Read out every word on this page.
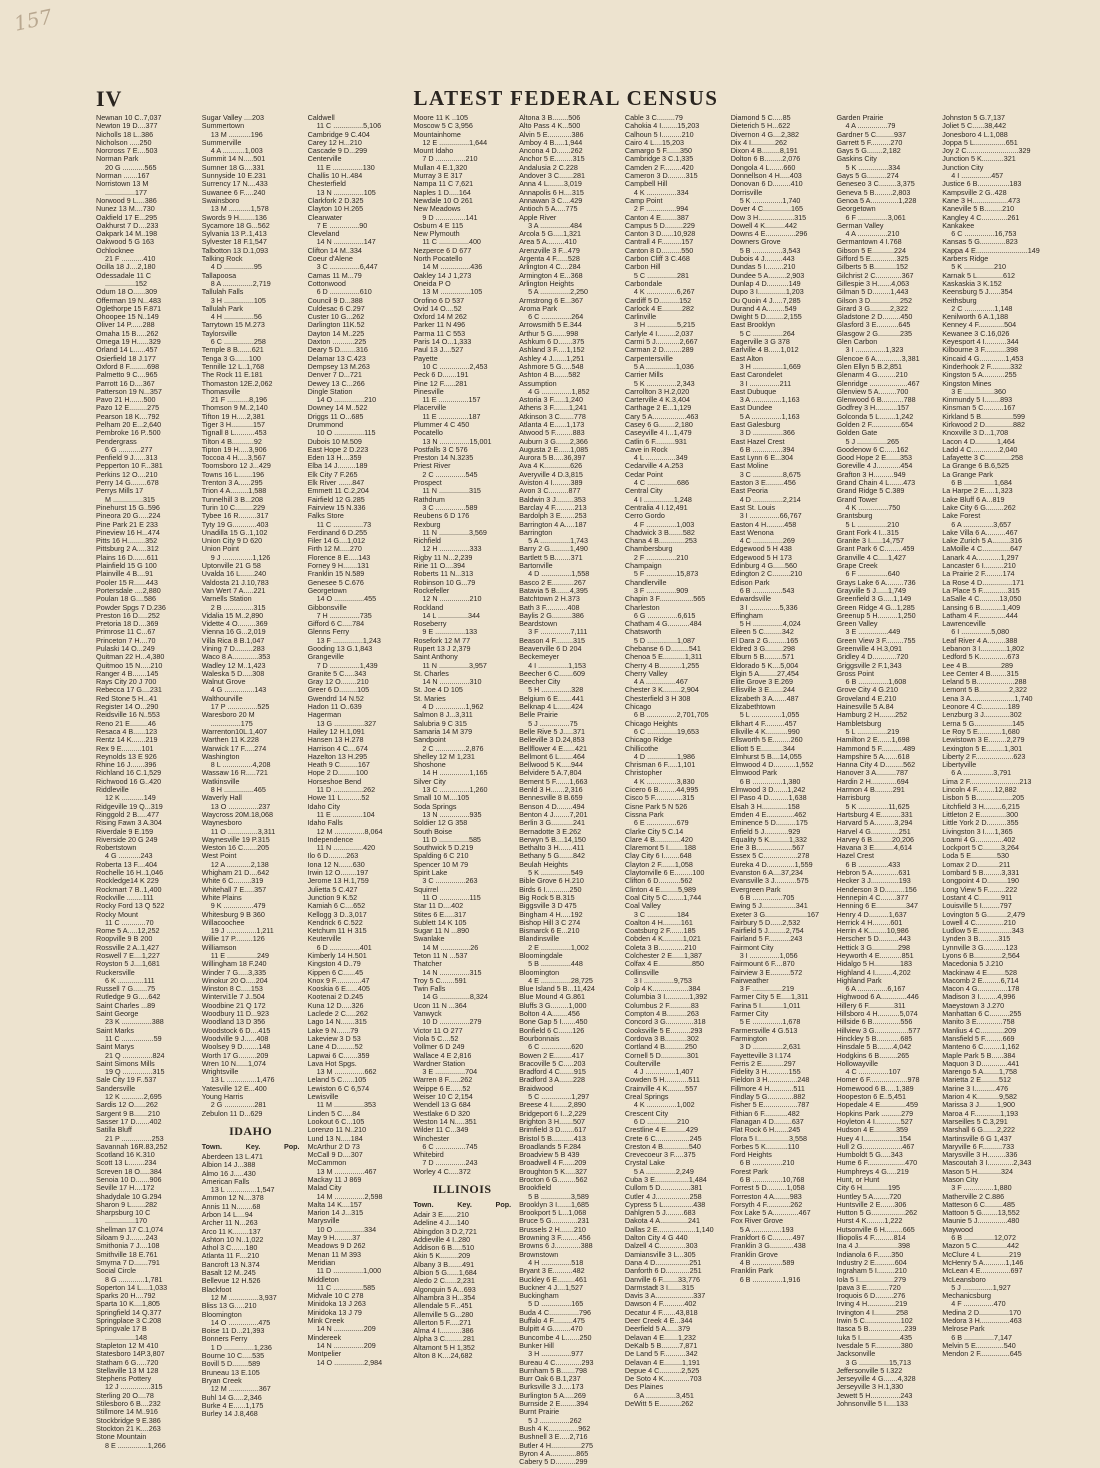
157
IV	LATEST FEDERAL CENSUS
Newnan 10 C..7,037
Newton 19 D....377
Nicholls 18 L..386
Nicholson .....250
Norcross 7 E....503
Norman Park
20 G ...........565
Norman .......167
Norristown 13 M
...............177
Norwood 9 L....386
Nunez 13 M....730
Oakfield 17 E...295
Oakhurst 7 D....233
Oakpark 14 M..198
Oakwood 5 G 163
Ochlocknee
21 F ...........410
Ocilla 18 J....2,180
Odessadale 11 C
...............152
Odum 18 O......309
Offerman 19 N...483
Oglethorpe 15 F.871
Ohoopee 15 N..149
Oliver 14 P......288
Omaha 15 B.....262
Omega 19 H......329
Orland 14 L......457
Osierfield 18 J.177
Oxford 8 F.........698
Palmetto 9 C....965
Parrott 16 D....367
Patterson 19 N...357
Pavo 21 H.......500
Pazo 12 E.........275
Pearson 18 K....792
Pelham 20 E...2,640
Pembroke 16 P..500
Pendergrass
6 G ...........277
Penfield 9 J......313
Pepperton 10 F...381
Perkins 12 O....210
Perry 14 G........678
Perrys Mills 17
M ...............315
Pinehurst 15 G..596
Pineora 20 G.....224
Pine Park 21 E 233
Pineview 16 H...474
Pitts 16 H.........352
Pittsburg 2 A.....312
Plains 16 D.......611
Plainfield 15 G 100
Plainville 4 B....91
Pooler 15 R......443
Portersdale ....2,880
Poulan 18 G....586
Powder Spgs 7 D.236
Preston 16 D.....252
Pretoria 18 D....369
Primrose 11 C...67
Princeton 7 H....70
Pulaski 14 O...249
Quitman 22 H...4,380
Quitmoo 15 N.....210
Ranger 4 B.......145
Rays City 20 J 700
Rebecca 17 G....231
Red Stone 5 H...41
Register 14 O...290
Reidsville 16 N..553
Reno 21 E.........46
Resaca 4 B......123
Rentz 14 K.......219
Rex 9 E..........101
Reynolds 13 E 926
Rhine 16 J.......396
Richland 16 C.1,529
Richwood 16 G..420
Riddleville
12 K ...........149
Ridgeville 19 Q...319
Ringgold 2 B.....477
Rising Fawn 3 A.304
Riverdale 9 E.159
Riverside 20 G 249
Robertstown
4 G ...........243
Roberta 13 F....404
Rochelle 16 H..1,046
Rockledge14 K 229
Rockmart 7 B..1,400
Rockville ........111
Rocky Ford 13 Q 522
Rocky Mount
11 C ............70
Rome 5 A.....12,252
Roopville 9 B 200
Rossville 2 A..1,427
Roswell 7 E....1,227
Royston 5 J....1,681
Ruckersville
6 K .............111
Russell 7 G.......75
Rutledge 9 G.....642
Saint Charles ...89
Saint George
23 K ...............388
Saint Marks
11 C ................59
Saint Marys
21 Q ...............824
Saint Simons Mills
19 Q ...............315
Sale City 19 F..537
Sandersville
12 K ...........2,695
Sardis 12 O......262
Sargent 9 B.......210
Sasser 17 D.......402
Satilla Bluff
21 P ...............253
Savannah 16R.83,252
Scotland 16 K.310
Scott 13 L........234
Screven 18 O.....384
Senoia 10 D.......906
Seville 17 H....172
Shadydale 10 G.294
Sharon 9 L.......282
Sharpsburg 10 C
...............170
Shellman 17 C.1,074
Siloam 9 J........243
Smithonia 7 J....108
Smithville 18 E.761
Smyrna 7 D.......791
Social Circle
8 G .............1,781
Soperton 14 L....1,033
Sparks 20 H....792
Sparta 10 K....1,805
Springfield 14 Q.377
Springplace 3 C.208
Springvale 17 B
...............148
Stapleton 12 M 410
Statesboro 14P.3,807
Statham 6 G.....720
Stellaville 13 M 128
Stephens Pottery
12 J ...............315
Sterling 20 O....78
Stilesboro 6 B....232
Stillmore 14 M..916
Stockbridge 9 E.386
Stockton 21 K....263
Stone Mountain
8 E ...............1,266
Sugar Valley ....203
Summertown
13 M ...........196
Summerville
4 A ...........1,003
Summit 14 N.....501
Sumner 18 G....331
Sunnyside 10 E.231
Surrency 17 N....433
Suwanee 6 F.....240
Swainsboro
13 M ...........1,578
Swords 9 H........136
Sycamore 18 G...562
Sylvania 13 P..1,413
Sylvester 18 F.1,547
Talbotton 13 D.1,093
Talking Rock
4 D ...............95
Tallapoosa
8 A ...............2,719
Tallulah Falls
3 H ...............105
Tallulah Park
4 H ...............56
Tarrytown 15 M.273
Taylorsville
6 C ...............258
Temple 8 B.......621
Tenga 3 G.......100
Tennille 12 L..1,768
The Rock 11 E.181
Thomaston 12E.2,062
Thomasville
21 F ...........8,196
Thomson 9 M..2,140
Tifton 19 H.....2,381
Tiger 3 H...........157
Tignall 8 L..........453
Tilton 4 B...........92
Tipton 19 H.....3,906
Toccoa 4 H.....3,567
Toomsboro 12 J...429
Towns 16 L.......196
Trenton 3 A......295
Trion 4 A.........1,588
Tunnelhill 3 B...208
Turin 10 C.........229
Tybee 16 R.........317
Tyty 19 G............403
Unadilla 15 G..1,102
Union City 9 D 620
Union Point
9 J ...............1,126
Uptonville 21 G 58
Uvalda 16 L.......240
Valdosta 21 J.10,783
Van Wert 7 A.....221
Varnells Station
2 B ...............315
Vidalia 15 M..2,890
Vidette 4 O.........369
Vienna 16 G...2,019
Villa Rica 8 B.1,047
Vining 7 D.........283
Waco 8 A.............353
Wadley 12 M..1,423
Waleska 5 D.....308
Walnut Grove
4 G ...............143
Walthourville
17 P ...............525
Waresboro 20 M
...............175
Warrenton10L.1,407
Warthen 11 K.228
Warwick 17 F.....274
Washington
8 L ...............4,208
Wassaw 16 R.....721
Watkinsville
8 H ...............465
Waverly Hall
13 O ...............237
Waycross 20M.18,068
Waynesboro
11 O ...............3,311
Waynesville 19 P.315
Weston 16 C.......205
West Point
12 A ............2,138
Whigham 21 D....642
White 6 C.........319
Whitehall 7 E.....357
White Plains
9 K ...............479
Whitesburg 9 B 360
Willacoochee
19 J ...............1,211
Willie 17 P.........126
Williamson
11 E ...............249
Willingham 18 F.240
Winder 7 G.....3,335
Winokur 20 O.....204
Winston 8 C.....153
Wintervi1le 7 J..504
Woodbine 21 Q 172
Woodbury 11 D...923
Woodland 13 D 356
Woodstock 6 D....415
Woodville 9 J......408
Woolsey 9 D........148
Worth 17 G.........209
Wren 10 N......1,074
Wrightsville
13 L ...............1,476
Yatesville 12 E...400
Young Harris
2 G ...............281
Zebulon 11 D...629
IDAHO
Town.	Key.	Pop.
Aberdeen 13 L.471
Albion 14 J...388
Almo 16 J.....430
American Falls
13 L ...............1,547
Ammon 12 N....378
Annis 11 N........68
Arbon 14 L....94
Archer 11 N...263
Arco 11 K........137
Ashton 10 N..1,022
Athol 3 C.......180
Atlanta 11 F....210
Bancroft 13 N.374
Basalt 12 M..245
Bellevue 12 H.526
Blackfoot
12 M ...............3,937
Bliss 13 G.....210
Bloomington
14 O ...............475
Boise 11 D...21,393
Bonners Ferry
1 D ...............1,236
Bourne 10 C.....535
Bovill 5 D........589
Bruneau 13 E.105
Bryan Creek
12 M ...............367
Buhl 14 G.....2,346
Burke 4 E......1,175
Burley 14 J.8,468
Caldwell
11 C ...............5,106
Cambridge 9 C.404
Carey 12 H...210
Cascade 9 D...299
Centerville
11 E ...............130
Challis 10 H..484
Chesterfield
13 N ...............105
Clarkfork 2 D.325
Clayton 10 H.265
Clearwater
7 E ...............90
Cleveland
14 N ...............147
Clifton 14 M..334
Coeur d'Alene
3 C ...............6,447
Camas 11 M...79
Cottonwood
6 D ...............610
Council 9 D...388
Culdesac 6 C.297
Custer 10 G...262
Darlington 11K.52
Dayton 14 M..225
Daxton ...........225
Deary 5 D........316
Delamar 13 C.423
Dempsey 13 M.263
Denver 7 D...721
Dewey 13 C...266
Dingle Station
14 O ...............210
Downey 14 M..522
Driggs 11 O...685
Drummond
10 O ...............115
Dubois 10 M.509
East Hope 2 D.223
Eden 13 H....359
Elba 14 J.........189
Elk City 7 F.265
Elk River .......847
Emmett 11 C.2,204
Fairfield 12 G.285
Fairview 15 N.336
Falks Store
11 C ...............73
Ferdinand 6 D.255
Filer 14 G....1,012
Firth 12 M.....270
Florence 8 E.....143
Forney 9 H.......131
Franklin 15 N.589
Genesee 5 C.676
Georgetown
14 O ...............455
Gibbonsville
7 H ...............735
Gifford 6 C.....784
Glenns Ferry
13 F ...............1,243
Gooding 13 G.1,843
Grangeville
7 D ...............1,439
Granite 5 C.....343
Gray 12 O........210
Greer 6 D.........105
Gwendrd 14 N.52
Hadon 11 O..639
Hagerman
13 G ...............327
Hailey 12 H.1,091
Hansen 13 H.278
Harrison 4 C....674
Hazelton 13 H.295
Heath 9 C.........167
Hope 2 D.........100
Horseshoe Bend
11 D ...............262
Howe 11 L..........52
Idaho City
11 E ...............104
Idaho Falls
12 M ...............8,064
Independence
11 N ...............420
Ilo 6 D.........263
Iona 12 N.......630
Irwin 12 O........197
Jerome 13 H.1,759
Julietta 5 C.427
Junction 9 K.52
Kamiah 6 C....652
Kellogg 3 D..3,017
Kendrick 6 C.522
Ketchum 11 H 315
Keuterville
6 D ...............401
Kimberly 14 H.501
Kingston 4 D..79
Kippen 6 C......45
Knox 9 F.............47
Kooskia 6 E......405
Kootenai 2 D.245
Kuna 12 D.....326
Laclede 2 C.....262
Lago 14 N.......315
Lake 9 N.......79
Lakeview 3 D 53
Lane 4 D.........52
Lapwai 6 C.......359
Lava Hot Spgs.
13 M ...............662
Leland 5 C......105
Lewiston 6 C 6,574
Lewisville
11 M ...............353
Linden 5 C.....84
Lookout 6 C...105
Lorenzo 11 N..210
Lund 13 N.....184
McArthur 2 D 73
McCall 9 D....307
McCammon
13 M ...............467
Mackay 11 J 869
Malad City
14 M ...............2,598
Malta 14 K....157
Marion 14 J...315
Marysville
10 O ...............334
May 9 H.........37
Meadows 9 D 262
Menan 11 M 393
Meridian
11 D ...............1,000
Middleton
11 C ...............585
Midvale 10 C 278
Minidoka 13 J 263
Minidoka 13 J 79
Mink Creek
14 N ...............209
Mindereek
14 N ...............209
Montpelier
14 O ...............2,984
Moore 11 K ..105
Moscow 5 C 3,956
Mountainhome
12 E ...............1,644
Mount Idaho
7 D ...............210
Mullan 4 E.1,320
Murray 3 E 317
Nampa 11 C 7,621
Naples 1 D.....164
Newdale 10 O 261
New Meadows
9 D ...............141
Osburn 4 E 115
New Plymouth
11 C ...............400
Nezperce 6 D 677
North Pocatello
14 M ...............436
Oakley 14 J 1,273
Oneida P O
13 M ...............105
Orofino 6 D 537
Ovid 14 O....52
Oxford 14 M 262
Parker 11 N 496
Parma 11 C 553
Paris 14 O...1,333
Paul 13 J....527
Payette
10 C ...............2,453
Peck 6 D.......191
Pine 12 F......281
Pinesville
11 E ...............157
Placerville
11 E ...............187
Plummer 4 C 450
Pocatello
13 N ...............15,001
Postfalls 3 C 576
Preston 14 N.3235
Priest River
2 C ...............545
Prospect
11 N ...............315
Rathdrum
3 C ...............589
Reubens 6 D 176
Rexburg
11 N ...............3,569
Richfield
12 H ...............333
Rigby 11 N...2,239
Ririe 11 O....394
Roberts 11 N...313
Robinson 10 G...79
Rockefeller
12 N ...............210
Rockland
14 L ...............344
Roseberry
9 E ...............133
Rosefork 12 M 77
Rupert 13 J 2,379
Saint Anthony
11 N ...............3,957
St. Charles
14 N ...............310
St. Joe 4 D 105
St. Maries
4 D ...............1,962
Salmon 8 J...3,311
Salubria 9 C 315
Samaria 14 M 379
Sandpoint
2 C ...............2,876
Shelley 12 M 1,231
Shoshone
14 H ...............1,165
Silver City
13 C ...............1,260
Small 10 M....105
Soda Springs
13 N ...............935
Soldier 12 G 358
South Boise
11 D ...............585
Southwick 5 D.219
Spalding 6 C 210
Spencer 10 M 79
Spirit Lake
3 C ...............263
Squirrel
11 O ...............115
Star 11 D....402
Stites 6 E.....317
Sublett 14 K 105
Sugar 11 N ...890
Swanlake
14 M ...............26
Teton 11 N ...537
Thatcher
14 N ...............315
Troy 5 C.......591
Twin Falls
14 G ...............8,324
Ucon 11 N ...364
Vanwyck
10 D ...............279
Victor 11 O 277
Viola 5 C....52
Vollmer 6 D 249
Wallace 4 E 2,816
Wardner Station
3 E ...............704
Warren 8 F......262
Weippe 6 E......52
Weiser 10 C 2,154
Wendell 13 G 684
Westlake 6 D 320
Weston 14 N.....351
Wilder 11 C...349
Winchester
6 C ...............745
Whitebird
7 D ...............243
Worley 4 C.....372
ILLINOIS
Town.	Key.	Pop.
Adair 3 E.......210
Adeline 4 J....140
Abingdon 3 D.2,721
Addieville 4 I..280
Addison 6 B.....510
Akin 5 K.........209
Albany 3 B.......491
Albion 5 G......1,684
Aledo 2 C......2,231
Algonquin 5 A...693
Alhambra 3 H...354
Allendale 5 F...451
Allenville 5 G...280
Allerton 5 F.....271
Alma 4 I...........386
Alpha 3 C.........281
Altamont 5 H 1,352
Alton 8 K....24,682
Altona 3 B........506
Alto Pass 4 K...500
Alvin 5 E............386
Amboy 4 B.....1,944
Ancona 4 D.......262
Anchor 5 E.........315
Andalusia 2 C.228
Andover 3 C.......281
Anna 4 L........3,019
Annapolis 6 H....315
Annawan 3 C....429
Antioch 5 A.....775
Apple River
3 A ...............484
Arcola 5 G.....1,321
Area 5 A.........410
Arenzville 3 F...479
Argenta 4 F......528
Arlington 4 C....284
Armington 4 E...368
Arlington Heights
5 A ...............2,250
Armstrong 6 E...367
Aroma Park
6 C ...............264
Arrowsmith 5 E.344
Arthur 5 G.......998
Ashkum 6 D.......375
Ashland 3 F.....1,152
Ashley 4 J.......1,251
Ashmore 5 G.....548
Ashton 4 B.......582
Assumption
4 G ...............1,852
Astoria 3 F......1,240
Athens 3 F........1,241
Atkinson 3 C.......778
Atlanta 4 E......1,173
Atwood 5 F.........883
Auburn 3 G.......2,366
Augusta 2 E......1,085
Aurora 5 B.....36,397
Ava 4 K.............626
Averyville 4 D.3,815
Aviston 4 I.........389
Avon 3 C..........877
Baldwin 3 J.........353
Barclay 4 F..........213
Bardolph 3 E.......253
Barrington 4 A.....187
Barrington
5 A ...............1,743
Barry 2 G..........1,490
Bartlett 5 B........371
Bartonville
4 D ...............1,558
Basco 2 E...........267
Batavia 5 B.......4,395
Batchtown 2 H.373
Bath 3 F...........408
Baylis 2 G..........386
Beardstown
3 F ...............7,111
Beason 4 F.........315
Beaverville 6 D 204
Beckemeyer
4 I ...............1,153
Beecher 6 C.......609
Beecher City
5 H ...............328
Belgium 6 E.......441
Belknap 4 L.......424
Belle Prairie
5 J ...............75
Belle Rive 5 J.....371
Belleville 3 D.24,853
Bellflower 4 E......421
Bellmont 6 L.......464
Bellwood 5 K.....944
Belvidere 5 A.7,804
Bement 5 F.......1,663
Benld 3 H.......2,316
Bennesville 8 B.659
Benson 4 D........494
Benton 4 J........7,201
Berlin 3 G...........241
Bernadotte 3 E.262
Berwyn 5 B....14,150
Bethalto 3 H.......411
Bethany 5 G.......842
Beulah Heights
5 K ...............549
Bible Grove 6 H.210
Birds 6 I............250
Big Rock 5 B.315
Biggsville 3 D 475
Bingham 4 H.....192
Bishop Hill 3 C 274
Bismarck 6 E...210
Blandinsville
2 E ...............1,002
Bloomingdale
5 B ...............448
Bloomington
4 E ...............28,725
Blue Island 5 B...11,424
Blue Mound 4 G.861
Bluffs 3 G.........1,000
Bolton 4 A........456
Bone Gap 5 I.......450
Bonfield 6 C.......126
Bourbonnais
6 C ...............620
Bowen 2 E.........417
Bracoville 5 C.....203
Bradford 4 C.......915
Bradford 3 A.......228
Braidwood
5 C ...............1,297
Breese 4 I........2,890
Bridgeport 6 I...2,229
Brighton 3 H.......507
Brimfield 3 D.......617
Bristol 5 B...........413
Broadlands 5 F.284
Broadview 5 B 439
Broadwell 4 F......209
Broughton 5 K.....327
Brocton 6 G.........562
Brookfield
5 B ...............3,589
Brooklyn 3 I.......1,685
Brookport 5 L...1,068
Bruce 5 G.............231
Brussels 2 H.......210
Browning 3 F.........456
Browns 6 J.............388
Brownstown
4 H ...............518
Bryant 3 E..........482
Buckley 6 E.........461
Buckner 4 J....1,527
Buckingham
5 D ...............165
Buda 4 C...............796
Buffalo 4 F..........475
Bulpitt 4 G.........470
Buncombe 4 L.......250
Bunker Hill
3 H ...............977
Bureau 4 C.............293
Burnham 5 B.......798
Burr Oak 6 B.1,237
Burksville 3 J.....173
Burlington 5 A.....269
Burnside 2 E........394
Burnt Prairie
5 J ...............262
Bush 4 K...............962
Bushnell 3 E.....2,716
Butler 4 H...............275
Byron 4 A.............865
Cabery 5 D..........299
Cable 3 C.........79
Cahokia 4 I........15,203
Calhoun 5 I..........210
Cairo 4 L....15,203
Camargo 5 F.......350
Cambridge 3 C.1,335
Camden 2 F.........420
Cameron 3 D.........315
Campbell Hill
4 K ...............334
Camp Point
2 F ...............994
Canton 4 E........387
Campus 5 D.........229
Canton 3 D......10,928
Cantrall 4 F..........157
Canton 8 D..........550
Carbon Cliff 3 C.468
Carbon Hill
5 C ...............281
Carbondale
4 K ...............6,267
Cardiff 5 D..........152
Carlock 4 E..........282
Carlinville
3 H ...............5,215
Carlyle 4 I.........2,037
Carmi 5 J............2,667
Carman 2 D.........289
Carpentersville
5 A ...............1,036
Carrier Mills
5 K ...............2,343
Carrollton 3 H.2,020
Carterville 4 K.3,404
Carthage 2 E...1,129
Cary 5 A.................463
Casey 6 G........2,180
Caseyville 4 I...1,479
Catlin 6 F..........931
Cave in Rock
4 L ...............349
Cedarville 4 A.253
Cedar Point
4 C ...............686
Central City
4 I ...............1,248
Centralia 4 I.12,491
Cerro Gordo
4 F ...............1,003
Chadwick 3 B.......582
Chana 4 B.............253
Chambersburg
2 F ...............210
Champaign
5 F ...............15,873
Chandlerville
3 F ...............909
Chapin 3 F.................565
Charleston
6 G ...............6,615
Chatham 4 G...........484
Chatsworth
5 D ...............1,087
Chebanse 6 D.........541
Chenoa 5 E...........1,311
Cherry 4 B...........1,255
Cherry Valley
4 A ...............467
Chester 3 K.........2,904
Chesterfield 3 H 308
Chicago
6 B ...............2,701,705
Chicago Heights
6 C ...............19,653
Chicago Ridge
Chillicothe
4 D ...............1,986
Chrisman 6 F.....1,101
Christopher
4 K ...............3,830
Cicero 6 B.........44,995
Cisco 5 F..............315
Cisne Park 5 N 526
Cissna Park
6 E ...............679
Clarke City 5 C.14
Clare 4 B.............420
Claremont 5 I........188
Clay City 6 I........648
Clayton 2 F.......1,058
Claytonville 6 E.........100
Clifton 6 D...........562
Clinton 4 E.........5,989
Coal City 5 C........1,744
Coal Valley
3 C ...............184
Coalton 4 H.........161
Coatsburg 2 F.......185
Cobden 4 K..........1,021
Coleta 3 B.............210
Colchester 2 E......1,387
Colfax 4 E.................850
Collinsville
3 I ...............9,753
Colp 4 K..................384
Columbia 3 I............1,392
Columbus 2 F...........83
Compton 4 B..........263
Concord 3 G..............318
Cooksville 5 E..........293
Cordova 3 B...........302
Cortland 4 B..........250
Cornell 5 D.............301
Coulterville
4 J ...............1,407
Cowden 5 H............511
Crainville 4 K.........557
Creal Springs
4 K ...............1,002
Crescent City
6 D ...............210
Crestline 4 E..........429
Crete 6 C.................245
Creston 4 B.............540
Crevecoeur 3 F.....375
Crystal Lake
5 A ...............2,249
Cuba 3 E.................1,484
Cullom 5 D...............381
Cutler 4 J.................258
Cypress 5 L...............438
Dahlgren 5 J.........683
Dakota 4 A..............241
Dallas 2 E...................1,140
Dalton City 4 G 440
Dalzell 4 C.............303
Damiansville 3 L...305
Dana 4 D.................251
Danforth 6 D............251
Danville 6 F........33,776
Darmstadt 3 I.......315
Davis 3 A...................337
Dawson 4 F...........402
Decatur 4 F.......43,818
Deer Creek 4 E...344
Deerfield 5 A......379
Delavan 4 E.......1,232
DeKalb 5 B.........7,871
De Land 5 F...........342
Delavan 4 E.........1,191
Depue 4 C...........2,525
De Soto 4 K.............703
Des Plaines
6 A ...............3,451
DeWitt 5 E...........262
Diamond 5 C.....85
Dieterich 5 H...622
Divernon 4 G....2,382
Dix 4 I............262
Dixon 4 B.........8,191
Dolton 6 B.........2,076
Dongola 4 L.......660
Donnellson 4 H.....403
Donovan 6 D.........410
Dorrisville
5 K ...............1,740
Dover 4 C..............165
Dow 3 H..................315
Dowell 4 K..........442
Downs 4 E...............296
Downers Grove
5 B ...............3,543
Dubois 4 J.........443
Dundas 5 I.........210
Dundee 5 A.........2,903
Dunlap 4 D...........149
Dupo 3 I..............1,203
Du Quoin 4 J.....7,285
Durand 4 A.........549
Dwight 5 D.........2,155
East Brooklyn
5 C ...............264
Eagerville 3 G 378
Earlville 4 B......1,012
East Alton
3 H ...............1,669
East Carondelet
3 I ...............211
East Dubuque
3 A ...............1,163
East Dundee
5 A ...............1,163
East Galesburg
3 D ...............366
East Hazel Crest
6 B ...............394
East Lynn 6 E...304
East Moline
3 C ...............8,675
Easton 3 E.........456
East Peoria
4 D ...............2,214
East St. Louis
3 I ...............66,767
Easton 4 H.........458
East Wenona
4 C ...............269
Edgewood 5 H 438
Edgewood 5 H 173
Edinburg 4 G......560
Edington 2 C.........210
Edison Park
6 B ...............543
Edwardsville
3 I ...............5,336
Effingham
5 H ...............4,024
Eileen 5 C.........342
El Dara 2 G.........165
Eldred 3 G.........298
Elburn 5 B.........571
Eldorado 5 K....5,004
Elgin 5 A.........27,454
Elite Grove 3 E.269
Ellisville 3 E.......244
Elizabeth 3 A.......487
Elizabethtown
5 L ...............1,055
Elkhart 4 F..........457
Elkville 4 K...........990
Ellsworth 5 E.........260
Elliott 5 E...........344
Elmhurst 5 B....14,055
Elmwood 4 D...........1,552
Elmwood Park
6 B ...............1,380
Elmwood 3 D.......1,242
El Paso 4 D..........1,638
Elsah 3 H.............158
Emden 4 E..............462
Eminence 5 D..........175
Enfield 5 J............929
Equality 5 K..........1,332
Erie 3 B..................567
Essex 5 C.................278
Eureka 4 D..............1,559
Evanston 6 A....37,234
Evansville 3 J...........575
Evergreen Park
6 B ...............705
Ewing 5 J.................341
Exeter 3 G.....................167
Fairbury 5 D......2,532
Fairfield 5 J.........2,754
Fairland 5 F...........243
Fairmont City
3 I ...............1,056
Fairmount 6 F....870
Fairview 3 E..........572
Fairweather
3 F ...............219
Farmer City 5 E.....1,311
Farina 5 I...........1,011
Farmer City
5 E ...............1,678
Farmersville 4 G.513
Farmington
3 D ...............2,631
Fayetteville 3 I.174
Ferris 2 E...........297
Fidelity 3 H...........155
Fieldon 3 H...............248
Fillmore 4 H............511
Findlay 5 G.............882
Fisher 5 E.................787
Fithian 6 F............482
Flanagan 4 D.........637
Flat Rock 6 H.......245
Flora 5 I................3,558
Forbes 5 K...........110
Ford Heights
6 B ...............210
Forest Park
6 B ...............10,768
Forrest 5 D..........1,058
Forreston 4 A........983
Forsyth 4 F............262
Fox Lake 5 A.............467
Fox River Grove
5 A ...............193
Frankfort 6 C..........497
Franklin 3 G............438
Franklin Grove
4 B ...............589
Franklin Park
6 B ...............1,916
Garden Prairie
4 A ...............79
Gardner 5 C.........937
Garrett 5 F..........270
Gays 5 G........2,182
Gaskins City
5 K ...............334
Gays 5 G..........274
Geneseo 3 C.........3,375
Geneva 5 B.........2,803
Genoa 5 A..............1,228
Georgetown
6 F ...............3,061
German Valley
4 A ...............210
Germantown 4 I.768
Gibson 5 E...........224
Gifford 5 E.............325
Gilberts 5 B...........152
Gilchrist 2 C.............367
Gillespie 3 H.......4,063
Gilman 5 D.........1,443
Gilson 3 D...............252
Girard 3 G..........2,322
Gladstone 2 D.........450
Glasford 3 E...........645
Glasgow 2 G...........235
Glen Carbon
3 I ...............1,323
Glencoe 6 A.............3,381
Glen Ellyn 5 B.2,851
Glenarm 4 G.........210
Glenridge ...................467
Glenview 5 A.........700
Glenwood 6 B...........788
Godfrey 3 H...........157
Golconda 5 L........1,242
Golden 2 F...............654
Golden Gate
5 J ...............265
Goodenow 6 C......162
Good Hope 2 E.......353
Goreville 4 J............454
Grafton 3 H..........949
Grand Chain 4 L.......473
Grand Ridge 5 C.389
Grand Tower
4 K ...............750
Grantsburg
5 L ...............210
Grant Fork 4 I...315
Granite 3 I......14,757
Grant Park 6 C.........459
Granville 4 C.....1,427
Grape Creek
6 F ...............640
Grays Lake 6 A.........736
Grayville 5 J......1,749
Greenfield 3 G.....1,149
Green Ridge 4 G...1,285
Greenup 5 H..........1,250
Green Valley
3 E ...............449
Green View 3 F.........755
Greenville 4 H.3,091
Gridley 4 D............720
Griggsville 2 F.1,343
Gross Point
6 B ...............1,608
Grove City 4 G.210
Groveland 4 E.210
Hainesville 5 A.84
Hamburg 2 H........252
Hambletsburg
5 L ...............219
Hamilton 2 E.......1,698
Hammond 5 F...........489
Hampshire 5 A.......618
Hanna City 4 D.........562
Hanover 3 A..........787
Hardin 2 H.............694
Harmon 4 B.........291
Harrisburg
5 K ...............11,625
Hartsburg 4 E..........331
Harvard 5 A..........3,294
Harvel 4 G..............251
Harvey 6 B..........20,206
Havana 3 E..........4,614
Hazel Crest
6 B ...............433
Hebron 5 A.............631
Hecker 3 J..............193
Henderson 3 D..........156
Hennepin 4 C........377
Henning 6 E...............347
Henry 4 D..........1,637
Herrick 4 H.........601
Herrin 4 K.........10,986
Herscher 5 D..........443
Hettick 3 G.............298
Heyworth 4 E...........851
Hidalgo 5 H.............183
Highland 4 I.........4,202
Highland Park
6 A ...............6,167
Highwood 6 A.............446
Hillery 6 F.............311
Hillsboro 4 H...........5,074
Hillside 6 B..............556
Hillview 3 G.................577
Hinckley 5 B............685
Hinsdale 5 B........4,042
Hodgkins 6 B.........265
Hollowayville
4 C ...............107
Homer 6 F...................978
Homewood 6 B.....1,389
Hoopeston 6 E..5,451
Hopedale 4 E.............459
Hopkins Park ..........279
Hoyleton 4 I.............527
Hudson 4 E...........359
Huey 4 I..................154
Hull 2 G....................467
Humboldt 5 G.....343
Hume 6 F...................470
Humphreys 4 G.....219
Hunt, or Hunt
City 6 H.............195
Huntley 5 A........720
Huntsville 2 E.......306
Hutton 5 G.................262
Hurst 4 K.........1,222
Hutsonville 6 H.........665
Illiopolis 4 F..........814
Ina 4 J....................398
Indianola 6 F.......350
Industry 2 E..........604
Ingraham 5 I.........210
Iola 5 I..................279
Ipava 3 E...........720
Iroquois 6 D.........276
Irving 4 H..............219
Irvington 4 I...........258
Irwin 5 C..................102
Itasca 5 B..................239
Iuka 5 I....................435
Ivesdale 5 F.............380
Jacksonville
3 G ...............15,713
Jeffersonville 5 I.322
Jerseyville 4 G.......4,328
Jerseyville 3 H.1,330
Jewett 5 H...............243
Johnsonville 5 I.....133
Johnston 5 G.7,137
Joliet 5 C......38,442
Jonesboro 4 L.1,088
Joppa 5 L................651
Joy 2 C..........................329
Junction 5 K...........321
Junction City
4 I ...............457
Justice 6 B................183
Kampsville 2 G..428
Kane 3 H..................473
Kaneville 5 B.........210
Kangley 4 C.............261
Kankakee
6 C ...............16,753
Kansas 5 G.............823
Kappa 4 E..........................149
Karbers Ridge
5 K ...............210
Karnak 5 L.............612
Kaskaskia 3 K.152
Keensburg 5 J......354
Keithsburg
2 C ...............1,148
Kenilworth 6 A.1,188
Kenney 4 F.............504
Kewanee 3 C.16,026
Keyesport 4 I...........344
Kilbourne 3 F...........398
Kincaid 4 G.............1,453
Kinderhook 2 F..........332
Kingston 5 A...........255
Kingston Mines
3 E ...............360
Kinmundy 5 I........893
Kinsman 5 C..........167
Kirkland 5 B................599
Kirkwood 2 D..............882
Knoxville 3 D...1,708
Lacon 4 D...........1,464
Ladd 4 C..............2,040
Lafayette 3 C.............258
La Grange 6 B.6,525
La Grange Park
6 B ...............1,684
La Harpe 2 E.....1,323
Lake Bluff 6 A...819
Lake City 6 G.........262
Lake Forest
6 A ...............3,657
Lake Villa 6 A..........467
Lake Zurich 5 A.........316
LaMoille 4 C..............647
Lanark 4 A............1,297
Lancaster 6 I..........210
La Prairie 2 F.........174
La Rose 4 D...............171
La Place 5 F.............315
LaSalle 4 C..........13,050
Lansing 6 B...........1,409
Latham 4 F..............444
Lawrenceville
6 I ...............5,080
Leaf River 4 A.........388
Lebanon 3 I.............1,802
Ledford 5 K..............673
Lee 4 B.................289
Lee Center 4 B........315
Leland 5 B...................288
Lemont 5 B...............2,322
Lena 3 A......................1,740
Leonore 4 C.............189
Lenzburg 3 J.............302
Lerna 5 G...................145
Le Roy 5 E............1,680
Lewistown 3 E.........2,279
Lexington 5 E.........1,301
Liberty 2 F...................623
Libertyville
6 A ...............3,791
Lima 2 F.........................213
Lincoln 4 F.........12,882
Lisbon 5 B..................205
Litchfield 3 H.........6,215
Littleton 2 E.............300
Little York 2 D..........355
Livingston 3 I.....1,365
Loami 4 G..............402
Lockport 5 C.........3,264
Loda 5 E.............530
Lomax 2 D...........211
Lombard 5 B.........3,331
Longpoint 4 D..........190
Long View 5 F.........222
Lostant 4 C...........911
Louisville 5 I.........797
Lovington 5 G..........2,479
Lowell 4 C..............210
Ludlow 5 E.................343
Lynden 3 B..........315
Lynnville 3 G...........123
Lyons 6 B..............2,564
Macedonia 5 J.210
Mackinaw 4 E.........528
Macomb 2 E.........6,714
Macon 4 G...............178
Madison 3 I.........4,996
Maeystown 3 J.270
Manhattan 6 C..........255
Manito 3 E.............758
Manlius 4 C............209
Mansfield 5 F.........669
Manteno 6 C.........1,162
Maple Park 5 B......384
Maquon 3 D.............441
Marengo 5 A........1,758
Marietta 2 E.........512
Marine 3 I...........476
Marion 4 K...........9,582
Marissa 3 J.........1,900
Maroa 4 F.............1,193
Marseilles 5 C.3,291
Marshall 6 G.......2,222
Martinsville 6 G 1,437
Maryville 6 F..........733
Marysville 3 H.........336
Mascoutah 3 I.............2,343
Mason 5 H............324
Mason City
3 F ...............1,880
Matherville 2 C.886
Matteson 6 C.........485
Mattoon 5 G........13,552
Maunie 5 J...............480
Maywood
6 B ...............12,072
Mazon 5 C...............442
McClure 4 L..............219
McHenry 5 A...........1,146
McLean 4 E...............697
McLeansboro
5 J ...............1,927
Mechanicsburg
4 F ...............470
Medina 2 D...............170
Medora 3 H...............463
Melrose Park
6 B ...............7,147
Melvin 5 E..............540
Mendon 2 F...............645
